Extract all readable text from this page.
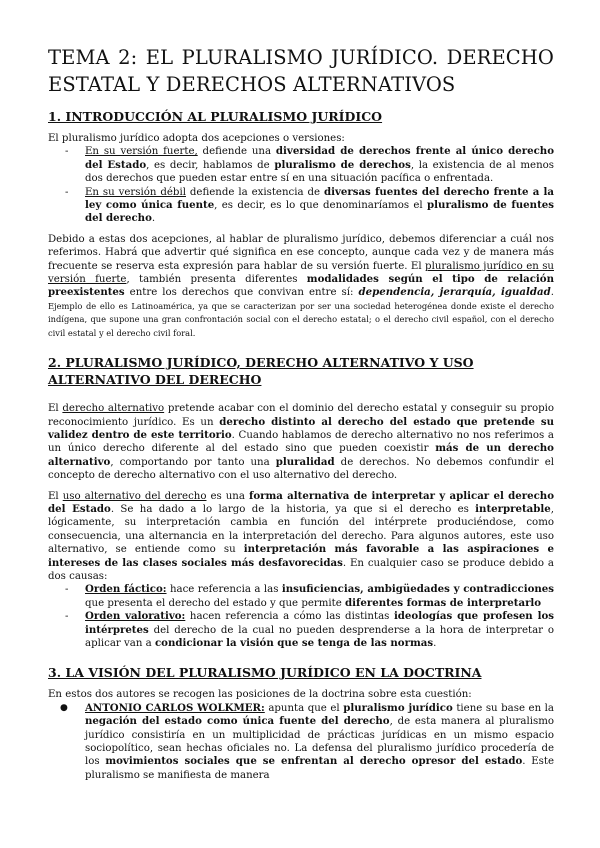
TEMA 2: EL PLURALISMO JURÍDICO. DERECHO ESTATAL Y DERECHOS ALTERNATIVOS
1. INTRODUCCIÓN AL PLURALISMO JURÍDICO

El pluralismo jurídico adopta dos acepciones o versiones:

- En su versión fuerte, defiende una diversidad de derechos frente al único derecho del Estado, es decir, hablamos de pluralismo de derechos, la existencia de al menos dos derechos que pueden estar entre sí en una situación pacífica o enfrentada.
- En su versión débil defiende la existencia de diversas fuentes del derecho frente a la ley como única fuente, es decir, es lo que denominaríamos el pluralismo de fuentes del derecho.

Debido a estas dos acepciones, al hablar de pluralismo jurídico, debemos diferenciar a cuál nos referimos. Habrá que advertir qué significa en ese concepto, aunque cada vez y de manera más frecuente se reserva esta expresión para hablar de su versión fuerte. El pluralismo jurídico en su versión fuerte, también presenta diferentes modalidades según el tipo de relación preexistentes entre los derechos que convivan entre sí: dependencia, jerarquía, igualdad. Ejemplo de ello es Latinoamérica, ya que se caracterizan por ser una sociedad heterogénea donde existe el derecho indígena, que supone una gran confrontación social con el derecho estatal; o el derecho civil español, con el derecho civil estatal y el derecho civil foral.

2. PLURALISMO JURÍDICO, DERECHO ALTERNATIVO Y USO ALTERNATIVO DEL DERECHO

El derecho alternativo pretende acabar con el dominio del derecho estatal y conseguir su propio reconocimiento jurídico. Es un derecho distinto al derecho del estado que pretende su validez dentro de este territorio. Cuando hablamos de derecho alternativo no nos referimos a un único derecho diferente al del estado sino que pueden coexistir más de un derecho alternativo, comportando por tanto una pluralidad de derechos. No debemos confundir el concepto de derecho alternativo con el uso alternativo del derecho.

El uso alternativo del derecho es una forma alternativa de interpretar y aplicar el derecho del Estado. Se ha dado a lo largo de la historia, ya que si el derecho es interpretable, lógicamente, su interpretación cambia en función del intérprete produciéndose, como consecuencia, una alternancia en la interpretación del derecho. Para algunos autores, este uso alternativo, se entiende como su interpretación más favorable a las aspiraciones e intereses de las clases sociales más desfavorecidas. En cualquier caso se produce debido a dos causas:

- Orden fáctico: hace referencia a las insuficiencias, ambigüedades y contradicciones que presenta el derecho del estado y que permite diferentes formas de interpretarlo
- Orden valorativo: hacen referencia a cómo las distintas ideologías que profesen los intérpretes del derecho de la cual no pueden desprenderse a la hora de interpretar o aplicar van a condicionar la visión que se tenga de las normas.
3. LA VISIÓN DEL PLURALISMO JURÍDICO EN LA DOCTRINA

En estos dos autores se recogen las posiciones de la doctrina sobre esta cuestión:

● ANTONIO CARLOS WOLKMER: apunta que el pluralismo jurídico tiene su base en la negación del estado como única fuente del derecho, de esta manera al pluralismo jurídico consistiría en un multiplicidad de prácticas jurídicas en un mismo espacio sociopolítico, sean hechas oficiales no. La defensa del pluralismo jurídico procedería de los movimientos sociales que se enfrentan al derecho opresor del estado. Este pluralismo se manifiesta de manera
